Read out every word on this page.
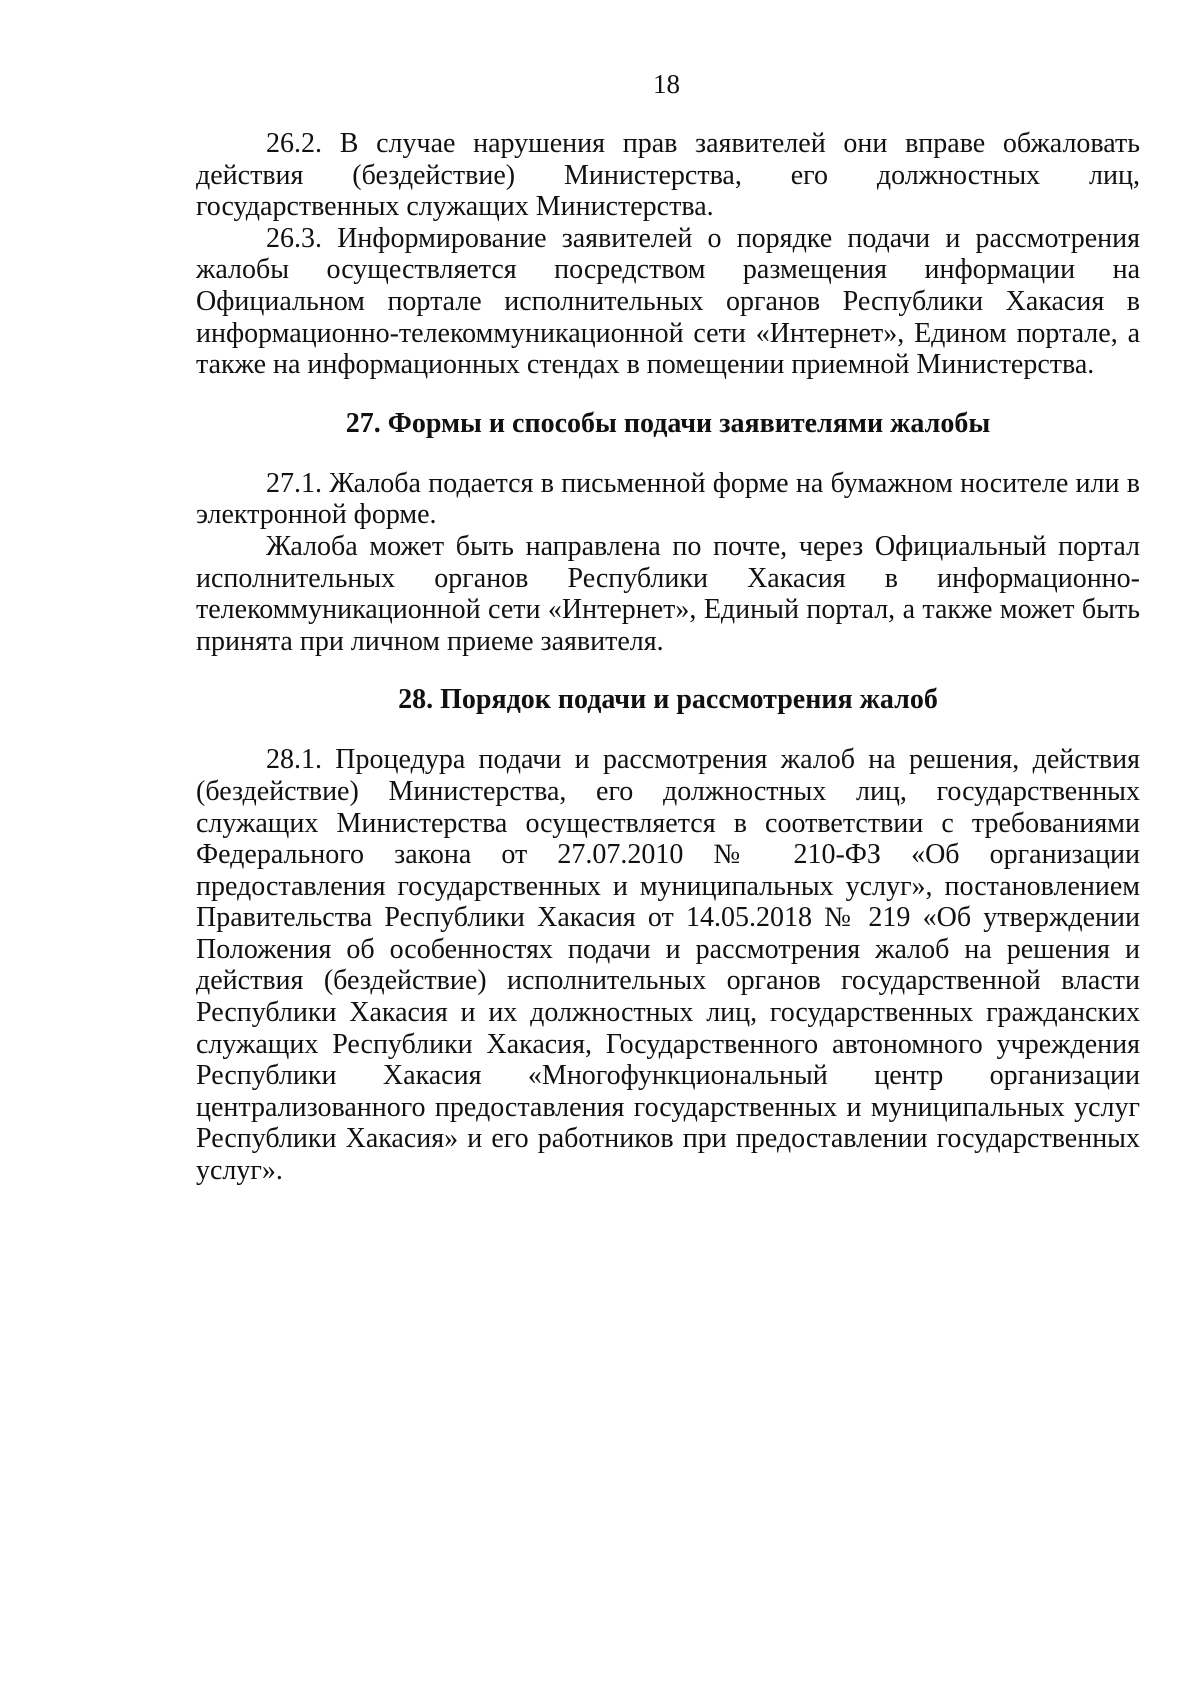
18

26.2. В случае нарушения прав заявителей они вправе обжаловать действия (бездействие) Министерства, его должностных лиц, государственных служащих Министерства.

26.3. Информирование заявителей о порядке подачи и рассмотрения жалобы осуществляется посредством размещения информации на Официальном портале исполнительных органов Республики Хакасия в информационно-телекоммуникационной сети «Интернет», Едином портале, а также на информационных стендах в помещении приемной Министерства.

27. Формы и способы подачи заявителями жалобы

27.1. Жалоба подается в письменной форме на бумажном носителе или в электронной форме.

Жалоба может быть направлена по почте, через Официальный портал исполнительных органов Республики Хакасия в информационно-телекоммуникационной сети «Интернет», Единый портал, а также может быть принята при личном приеме заявителя.

28. Порядок подачи и рассмотрения жалоб

28.1. Процедура подачи и рассмотрения жалоб на решения, действия (бездействие) Министерства, его должностных лиц, государственных служащих Министерства осуществляется в соответствии с требованиями Федерального закона от 27.07.2010 № 210-ФЗ «Об организации предоставления государственных и муниципальных услуг», постановлением Правительства Республики Хакасия от 14.05.2018 № 219 «Об утверждении Положения об особенностях подачи и рассмотрения жалоб на решения и действия (бездействие) исполнительных органов государственной власти Республики Хакасия и их должностных лиц, государственных гражданских служащих Республики Хакасия, Государственного автономного учреждения Республики Хакасия «Многофункциональный центр организации централизованного предоставления государственных и муниципальных услуг Республики Хакасия» и его работников при предоставлении государственных услуг».
